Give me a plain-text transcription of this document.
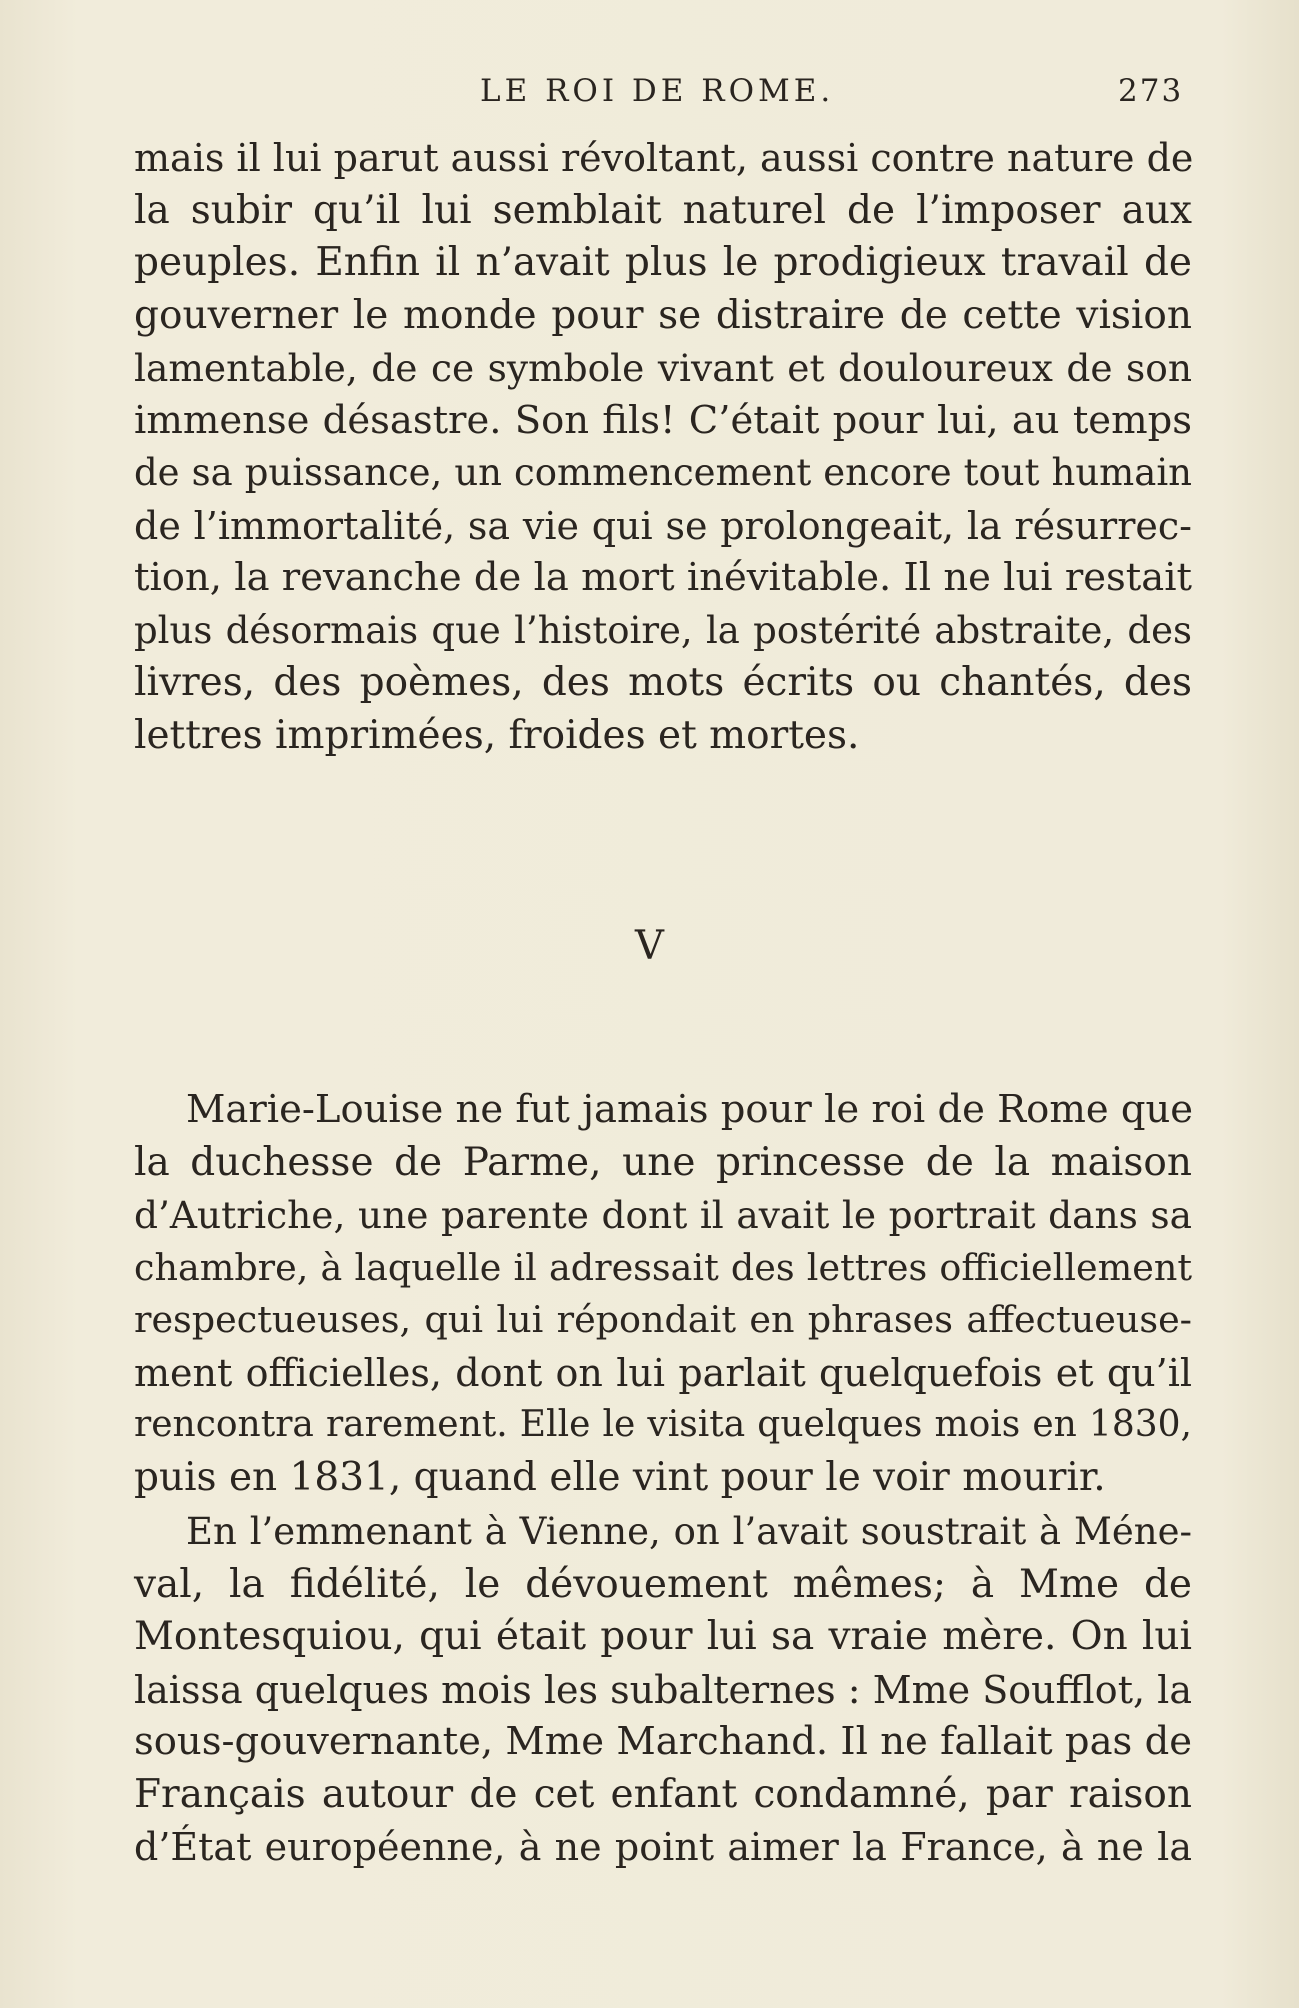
LE ROI DE ROME.	273
mais il lui parut aussi révoltant, aussi contre nature de
la subir qu’il lui semblait naturel de l’imposer aux
peuples. Enfin il n’avait plus le prodigieux travail de
gouverner le monde pour se distraire de cette vision
lamentable, de ce symbole vivant et douloureux de son
immense désastre. Son fils! C’était pour lui, au temps
de sa puissance, un commencement encore tout humain
de l’immortalité, sa vie qui se prolongeait, la résurrec-
tion, la revanche de la mort inévitable. Il ne lui restait
plus désormais que l’histoire, la postérité abstraite, des
livres, des poèmes, des mots écrits ou chantés, des
lettres imprimées, froides et mortes.
V
Marie-Louise ne fut jamais pour le roi de Rome que
la duchesse de Parme, une princesse de la maison
d’Autriche, une parente dont il avait le portrait dans sa
chambre, à laquelle il adressait des lettres officiellement
respectueuses, qui lui répondait en phrases affectueuse-
ment officielles, dont on lui parlait quelquefois et qu’il
rencontra rarement. Elle le visita quelques mois en 1830,
puis en 1831, quand elle vint pour le voir mourir.
En l’emmenant à Vienne, on l’avait soustrait à Méne-
val, la fidélité, le dévouement mêmes; à Mme de
Montesquiou, qui était pour lui sa vraie mère. On lui
laissa quelques mois les subalternes : Mme Soufflot, la
sous-gouvernante, Mme Marchand. Il ne fallait pas de
Français autour de cet enfant condamné, par raison
d’État européenne, à ne point aimer la France, à ne la
